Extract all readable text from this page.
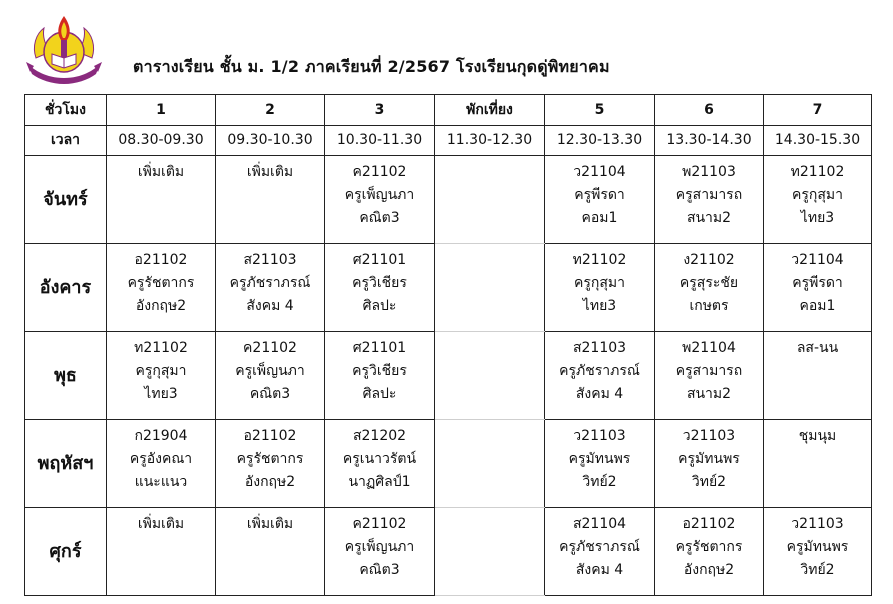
ตารางเรียน ชั้น ม. 1/2 ภาคเรียนที่ 2/2567 โรงเรียนกุดดู่พิทยาคม
ชั่วโมง	1	2	3	พักเที่ยง	5	6	7
เวลา	08.30-09.30	09.30-10.30	10.30-11.30	11.30-12.30	12.30-13.30	13.30-14.30	14.30-15.30
จันทร์	เพิ่มเติม	เพิ่มเติม	ค21102
ครูเพ็ญนภา
คณิต3		ว21104
ครูพีรดา
คอม1	พ21103
ครูสามารถ
สนาม2	ท21102
ครูกุสุมา
ไทย3

อังคาร	อ21102
ครูรัชตากร
อังกฤษ2	ส21103
ครูภัชราภรณ์
สังคม 4	ศ21101
ครูวิเชียร
ศิลปะ		ท21102
ครูกุสุมา
ไทย3	ง21102
ครูสุระชัย
เกษตร	ว21104
ครูพีรดา
คอม1

พุธ	ท21102
ครูกุสุมา
ไทย3	ค21102
ครูเพ็ญนภา
คณิต3	ศ21101
ครูวิเชียร
ศิลปะ		ส21103
ครูภัชราภรณ์
สังคม 4	พ21104
ครูสามารถ
สนาม2	ลส-นน

พฤหัสฯ	ก21904
ครูอังคณา
แนะแนว	อ21102
ครูรัชตากร
อังกฤษ2	ส21202
ครูเนาวรัตน์
นาฏศิลป์1		ว21103
ครูมัทนพร
วิทย์2	ว21103
ครูมัทนพร
วิทย์2	ชุมนุม

ศุกร์	เพิ่มเติม	เพิ่มเติม	ค21102
ครูเพ็ญนภา
คณิต3		ส21104
ครูภัชราภรณ์
สังคม 4	อ21102
ครูรัชตากร
อังกฤษ2	ว21103
ครูมัทนพร
วิทย์2
